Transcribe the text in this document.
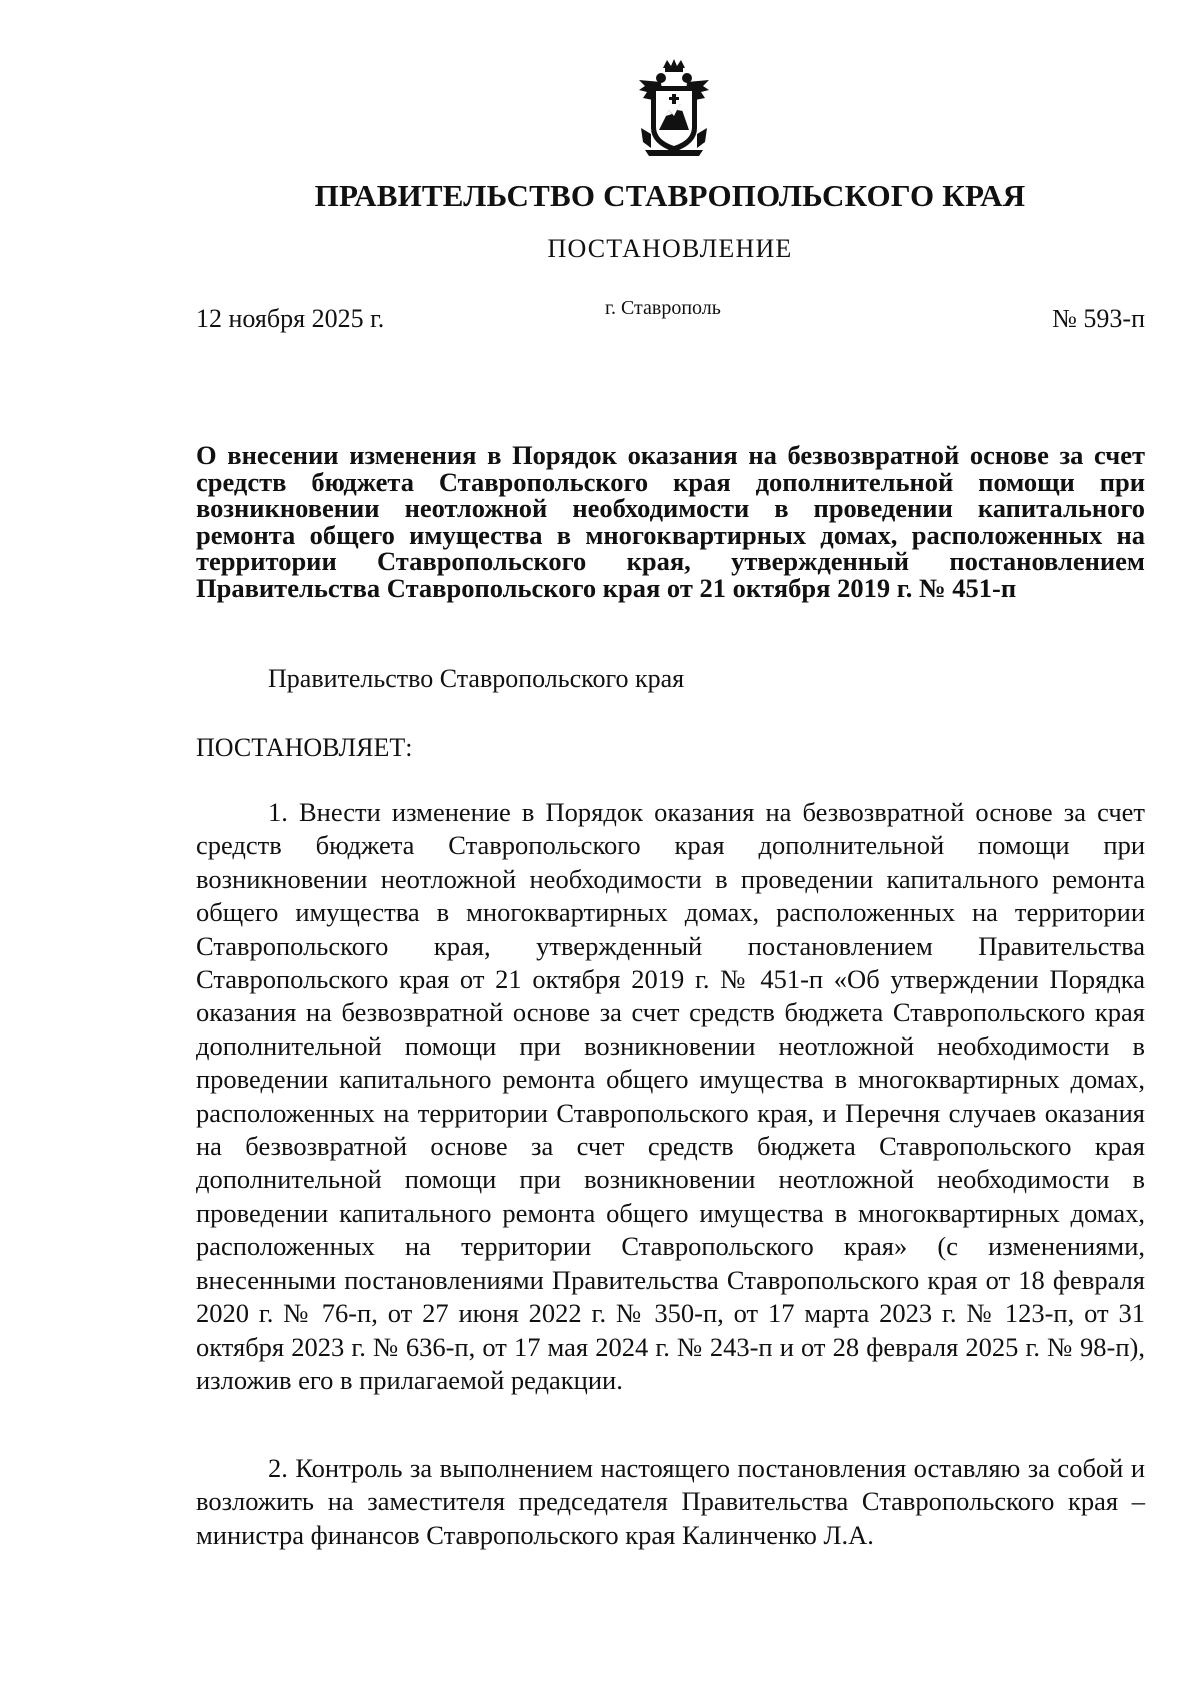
ПРАВИТЕЛЬСТВО СТАВРОПОЛЬСКОГО КРАЯ
ПОСТАНОВЛЕНИЕ
12 ноября 2025 г.	г. Ставрополь	№ 593-п
О внесении изменения в Порядок оказания на безвозвратной основе за счет средств бюджета Ставропольского края дополнительной помощи при возникновении неотложной необходимости в проведении капитального ремонта общего имущества в многоквартирных домах, расположенных на территории Ставропольского края, утвержденный постановлением Правительства Ставропольского края от 21 октября 2019 г. № 451-п
Правительство Ставропольского края
ПОСТАНОВЛЯЕТ:

1. Внести изменение в Порядок оказания на безвозвратной основе за счет средств бюджета Ставропольского края дополнительной помощи при возникновении неотложной необходимости в проведении капитального ремонта общего имущества в многоквартирных домах, расположенных на территории Ставропольского края, утвержденный постановлением Правительства Ставропольского края от 21 октября 2019 г. № 451-п «Об утверждении Порядка оказания на безвозвратной основе за счет средств бюджета Ставропольского края дополнительной помощи при возникновении неотложной необходимости в проведении капитального ремонта общего имущества в многоквартирных домах, расположенных на территории Ставропольского края, и Перечня случаев оказания на безвозвратной основе за счет средств бюджета Ставропольского края дополнительной помощи при возникновении неотложной необходимости в проведении капитального ремонта общего имущества в многоквартирных домах, расположенных на территории Ставропольского края» (с изменениями, внесенными постановлениями Правительства Ставропольского края от 18 февраля 2020 г. № 76-п, от 27 июня 2022 г. № 350-п, от 17 марта 2023 г. № 123-п, от 31 октября 2023 г. № 636-п, от 17 мая 2024 г. № 243-п и от 28 февраля 2025 г. № 98-п), изложив его в прилагаемой редакции.

2. Контроль за выполнением настоящего постановления оставляю за собой и возложить на заместителя председателя Правительства Ставропольского края – министра финансов Ставропольского края Калинченко Л.А.
